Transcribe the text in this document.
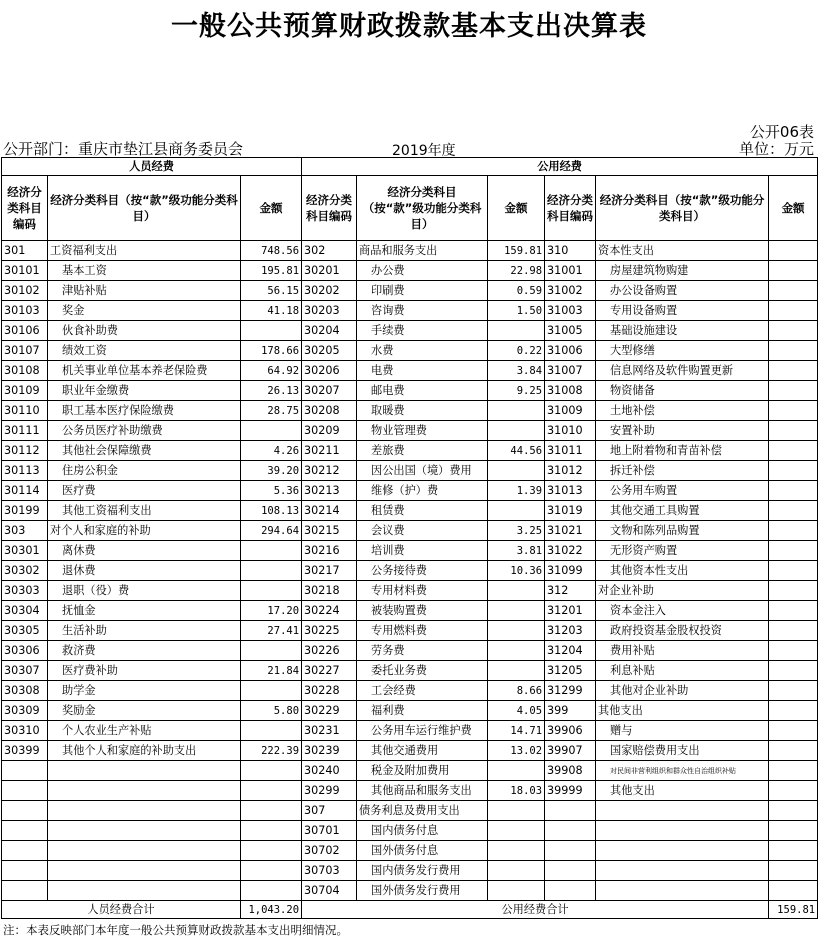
一般公共预算财政拨款基本支出决算表
公开06表
公开部门：重庆市垫江县商务委员会	2019年度	单位：万元
人员经费			公用经费					
经济分类科目编码	经济分类科目（按“款”级功能分类科目）	金额	经济分类科目编码	经济分类科目（按“款”级功能分类科目）	金额	经济分类科目编码	经济分类科目（按“款”级功能分类科目）	金额
301	工资福利支出	748.56	302	商品和服务支出	159.81	310	资本性支出	
30101	基本工资	195.81	30201	办公费	22.98	31001	房屋建筑物购建	
30102	津贴补贴	56.15	30202	印刷费	0.59	31002	办公设备购置	
30103	奖金	41.18	30203	咨询费	1.50	31003	专用设备购置	
30106	伙食补助费		30204	手续费		31005	基础设施建设	
30107	绩效工资	178.66	30205	水费	0.22	31006	大型修缮	
30108	机关事业单位基本养老保险费	64.92	30206	电费	3.84	31007	信息网络及软件购置更新	
30109	职业年金缴费	26.13	30207	邮电费	9.25	31008	物资储备	
30110	职工基本医疗保险缴费	28.75	30208	取暖费		31009	土地补偿	
30111	公务员医疗补助缴费		30209	物业管理费		31010	安置补助	
30112	其他社会保障缴费	4.26	30211	差旅费	44.56	31011	地上附着物和青苗补偿	
30113	住房公积金	39.20	30212	因公出国（境）费用		31012	拆迁补偿	
30114	医疗费	5.36	30213	维修（护）费	1.39	31013	公务用车购置	
30199	其他工资福利支出	108.13	30214	租赁费		31019	其他交通工具购置	
303	对个人和家庭的补助	294.64	30215	会议费	3.25	31021	文物和陈列品购置	
30301	离休费		30216	培训费	3.81	31022	无形资产购置	
30302	退休费		30217	公务接待费	10.36	31099	其他资本性支出	
30303	退职（役）费		30218	专用材料费		312	对企业补助	
30304	抚恤金	17.20	30224	被装购置费		31201	资本金注入	
30305	生活补助	27.41	30225	专用燃料费		31203	政府投资基金股权投资	
30306	救济费		30226	劳务费		31204	费用补贴	
30307	医疗费补助	21.84	30227	委托业务费		31205	利息补贴	
30308	助学金		30228	工会经费	8.66	31299	其他对企业补助	
30309	奖励金	5.80	30229	福利费	4.05	399	其他支出	
30310	个人农业生产补贴		30231	公务用车运行维护费	14.71	39906	赠与	
30399	其他个人和家庭的补助支出	222.39	30239	其他交通费用	13.02	39907	国家赔偿费用支出	
			30240	税金及附加费用		39908	对民间非营利组织和群众性自治组织补贴	
			30299	其他商品和服务支出	18.03	39999	其他支出	
			307	债务利息及费用支出				
			30701	国内债务付息				
			30702	国外债务付息				
			30703	国内债务发行费用				
			30704	国外债务发行费用				
人员经费合计		1,043.20	公用经费合计					159.81
注：本表反映部门本年度一般公共预算财政拨款基本支出明细情况。
